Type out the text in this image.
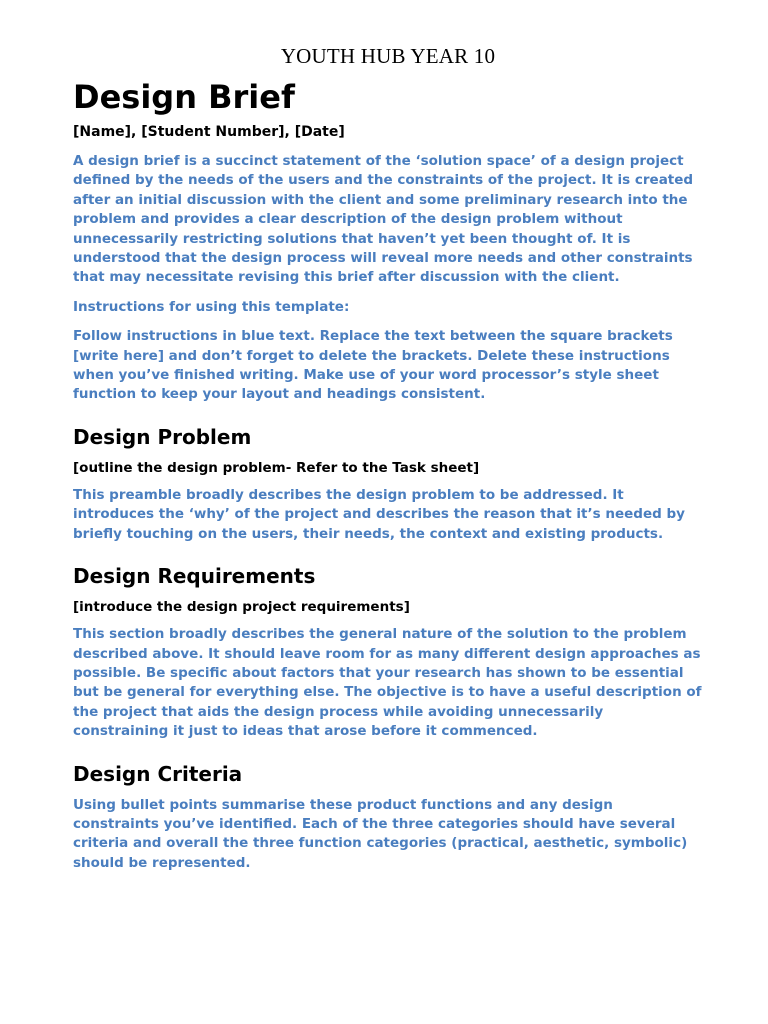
YOUTH HUB YEAR 10
Design Brief
[Name], [Student Number], [Date]

A design brief is a succinct statement of the ‘solution space’ of a design project defined by the needs of the users and the constraints of the project. It is created after an initial discussion with the client and some preliminary research into the problem and provides a clear description of the design problem without unnecessarily restricting solutions that haven’t yet been thought of. It is understood that the design process will reveal more needs and other constraints that may necessitate revising this brief after discussion with the client.

Instructions for using this template:

Follow instructions in blue text. Replace the text between the square brackets [write here] and don’t forget to delete the brackets. Delete these instructions when you’ve finished writing. Make use of your word processor’s style sheet function to keep your layout and headings consistent.

Design Problem
[outline the design problem- Refer to the Task sheet]

This preamble broadly describes the design problem to be addressed. It introduces the ‘why’ of the project and describes the reason that it’s needed by briefly touching on the users, their needs, the context and existing products.

Design Requirements
[introduce the design project requirements]

This section broadly describes the general nature of the solution to the problem described above. It should leave room for as many different design approaches as possible. Be specific about factors that your research has shown to be essential but be general for everything else. The objective is to have a useful description of the project that aids the design process while avoiding unnecessarily constraining it just to ideas that arose before it commenced.

Design Criteria

Using bullet points summarise these product functions and any design constraints you’ve identified. Each of the three categories should have several criteria and overall the three function categories (practical, aesthetic, symbolic) should be represented.
